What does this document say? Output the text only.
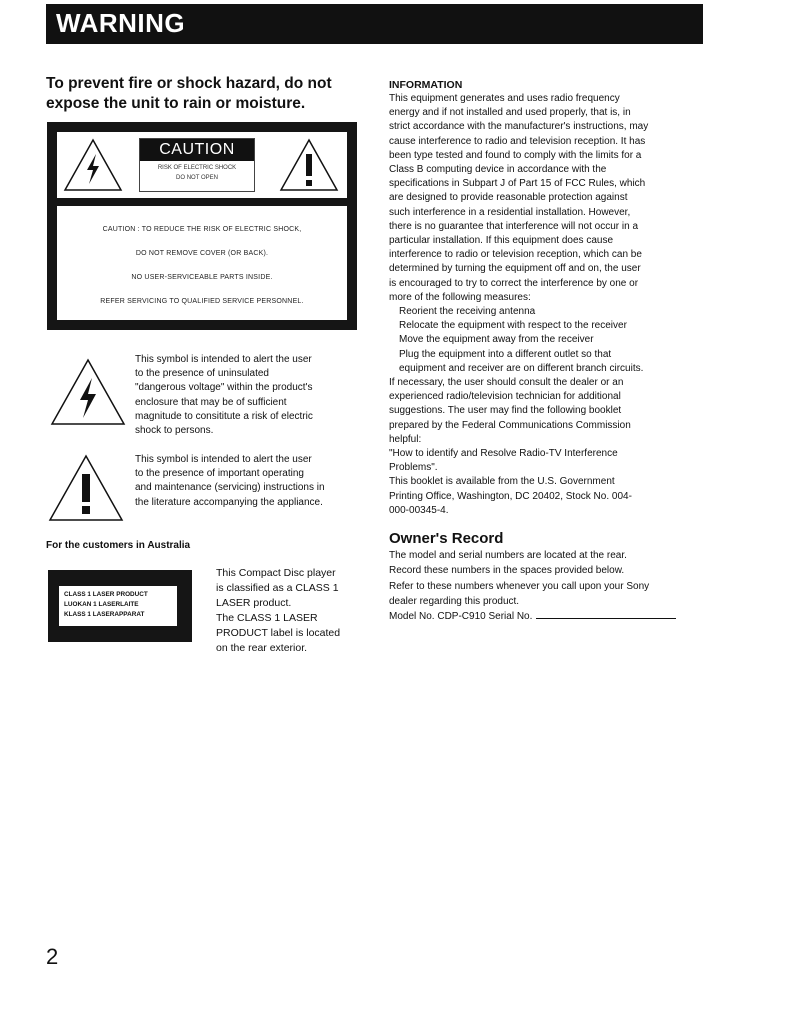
WARNING

To prevent fire or shock hazard, do not
expose the unit to rain or moisture.

CAUTION
RISK OF ELECTRIC SHOCK
DO NOT OPEN
CAUTION : TO REDUCE THE RISK OF ELECTRIC SHOCK,
DO NOT REMOVE COVER (OR BACK).
NO USER-SERVICEABLE PARTS INSIDE.
REFER SERVICING TO QUALIFIED SERVICE PERSONNEL.
This symbol is intended to alert the user
to the presence of uninsulated
"dangerous voltage" within the product's
enclosure that may be of sufficient
magnitude to consititute a risk of electric
shock to persons.
This symbol is intended to alert the user
to the presence of important operating
and maintenance (servicing) instructions in
the literature accompanying the appliance.
For the customers in Australia
CLASS 1 LASER PRODUCT
LUOKAN 1 LASERLAITE
KLASS 1 LASERAPPARAT
This Compact Disc player
is classified as a CLASS 1
LASER product.
The CLASS 1 LASER
PRODUCT label is located
on the rear exterior.

INFORMATION

This equipment generates and uses radio frequency
energy and if not installed and used properly, that is, in
strict accordance with the manufacturer's instructions, may
cause interference to radio and television reception. It has
been type tested and found to comply with the limits for a
Class B computing device in accordance with the
specifications in Subpart J of Part 15 of FCC Rules, which
are designed to provide reasonable protection against
such interference in a residential installation. However,
there is no guarantee that interference will not occur in a
particular installation. If this equipment does cause
interference to radio or television reception, which can be
determined by turning the equipment off and on, the user
is encouraged to try to correct the interference by one or
more of the following measures:
Reorient the receiving antenna
Relocate the equipment with respect to the receiver
Move the equipment away from the receiver
Plug the equipment into a different outlet so that
equipment and receiver are on different branch circuits.
If necessary, the user should consult the dealer or an
experienced radio/television technician for additional
suggestions. The user may find the following booklet
prepared by the Federal Communications Commission
helpful:
"How to identify and Resolve Radio-TV Interference
Problems".
This booklet is available from the U.S. Government
Printing Office, Washington, DC 20402, Stock No. 004-
000-00345-4.

Owner's Record

The model and serial numbers are located at the rear.
Record these numbers in the spaces provided below.
Refer to these numbers whenever you call upon your Sony
dealer regarding this product.
Model No. CDP-C910 Serial No.
2
